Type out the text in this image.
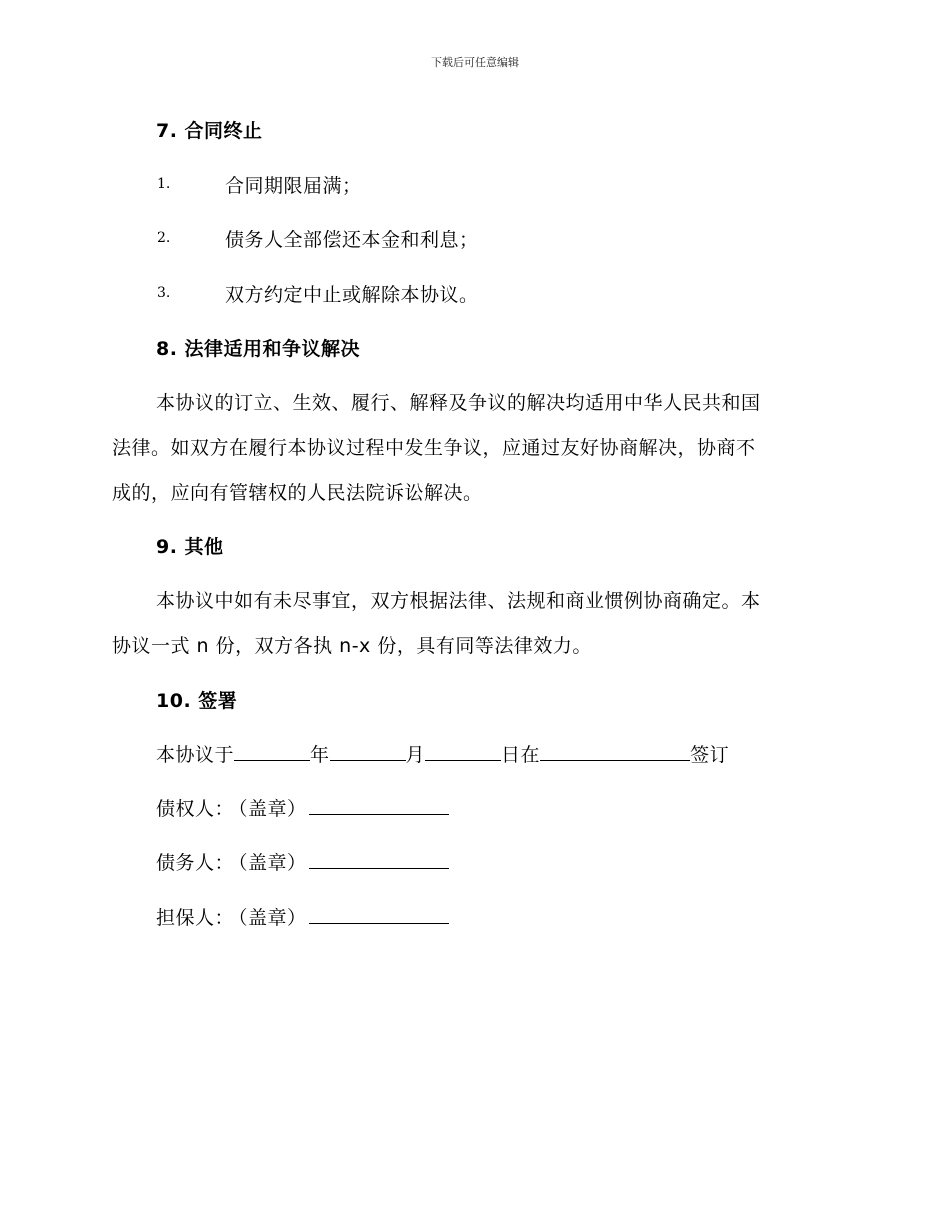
下载后可任意编辑
7. 合同终止
1.	合同期限届满；
2.	债务人全部偿还本金和利息；
3.	双方约定中止或解除本协议。
8. 法律适用和争议解决
本协议的订立、生效、履行、解释及争议的解决均适用中华人民共和国
法律。如双方在履行本协议过程中发生争议，应通过友好协商解决，协商不
成的，应向有管辖权的人民法院诉讼解决。
9. 其他
本协议中如有未尽事宜，双方根据法律、法规和商业惯例协商确定。本
协议一式 n 份，双方各执 n-x 份，具有同等法律效力。
10. 签署
本协议于	年	月	日在	签订
债权人： （盖章）
债务人： （盖章）
担保人： （盖章）
